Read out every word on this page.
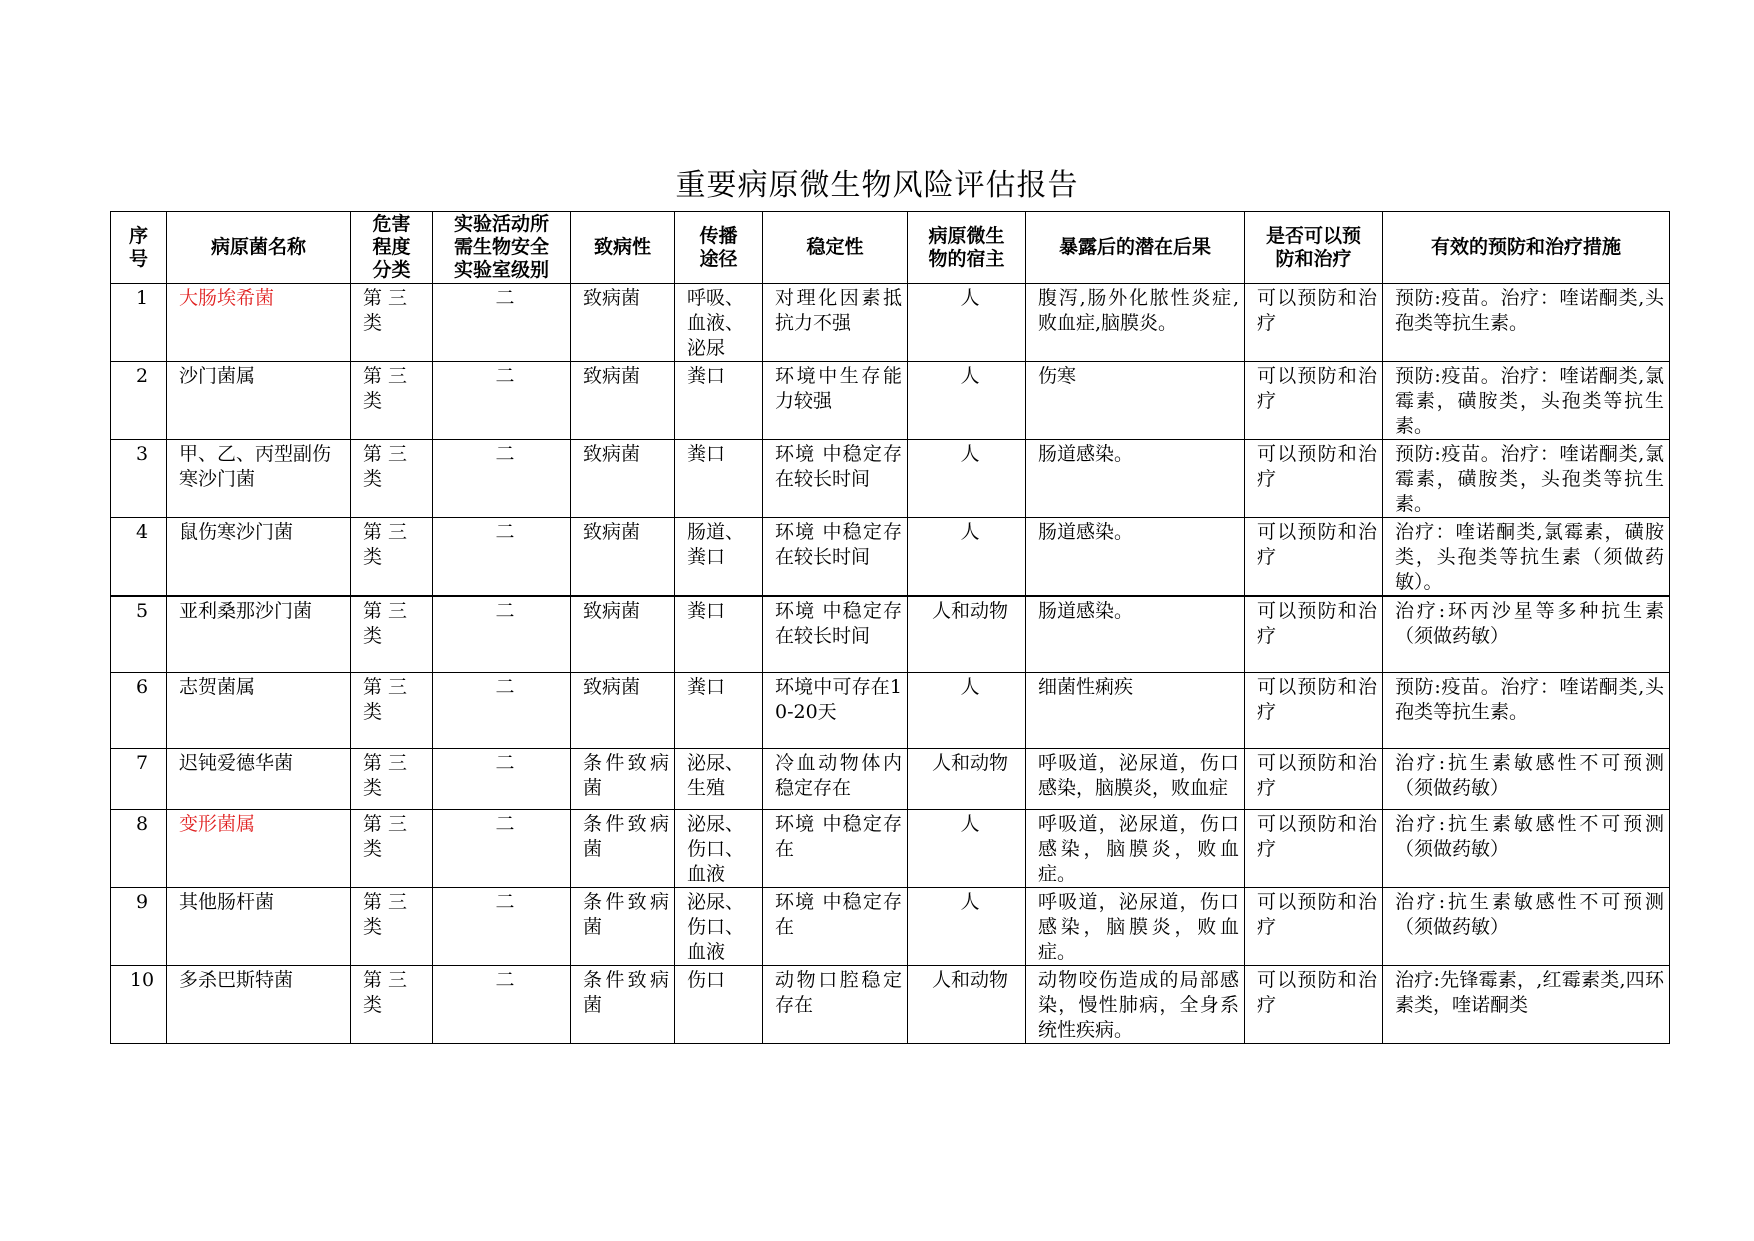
重要病原微生物风险评估报告
序
号	病原菌名称	危害
程度
分类	实验活动所
需生物安全
实验室级别	致病性	传播
途径	稳定性	病原微生
物的宿主	暴露后的潜在后果	是否可以预
防和治疗	有效的预防和治疗措施
1	大肠埃希菌	第 三
类	二	致病菌	呼吸、
血液、
泌尿	对理化因素抵抗力不强	人	腹泻,肠外化脓性炎症,败血症,脑膜炎。	可以预防和治疗	预防:疫苗。治疗：喹诺酮类,头孢类等抗生素。
2	沙门菌属	第 三
类	二	致病菌	粪口	环境中生存能力较强	人	伤寒	可以预防和治疗	预防:疫苗。治疗：喹诺酮类,氯霉素，磺胺类，头孢类等抗生素。
3	甲、乙、丙型副伤寒沙门菌	第 三
类	二	致病菌	粪口	环境 中稳定存在较长时间	人	肠道感染。	可以预防和治疗	预防:疫苗。治疗：喹诺酮类,氯霉素，磺胺类，头孢类等抗生素。
4	鼠伤寒沙门菌	第 三
类	二	致病菌	肠道、
粪口	环境 中稳定存在较长时间	人	肠道感染。	可以预防和治疗	治疗：喹诺酮类,氯霉素，磺胺类，头孢类等抗生素（须做药敏）。
5	亚利桑那沙门菌	第 三
类	二	致病菌	粪口	环境 中稳定存在较长时间	人和动物	肠道感染。	可以预防和治疗	治疗:环丙沙星等多种抗生素（须做药敏）
6	志贺菌属	第 三
类	二	致病菌	粪口	环境中可存在10-20天	人	细菌性痢疾	可以预防和治疗	预防:疫苗。治疗：喹诺酮类,头孢类等抗生素。
7	迟钝爱德华菌	第 三
类	二	条件致病菌	泌尿、
生殖	冷血动物体内稳定存在	人和动物	呼吸道，泌尿道，伤口感染，脑膜炎，败血症	可以预防和治疗	治疗:抗生素敏感性不可预测（须做药敏）
8	变形菌属	第 三
类	二	条件致病菌	泌尿、
伤口、
血液	环境 中稳定存在	人	呼吸道，泌尿道，伤口感染，脑膜炎，败血症。	可以预防和治疗	治疗:抗生素敏感性不可预测（须做药敏）
9	其他肠杆菌	第 三
类	二	条件致病菌	泌尿、
伤口、
血液	环境 中稳定存在	人	呼吸道，泌尿道，伤口感染，脑膜炎，败血症。	可以预防和治疗	治疗:抗生素敏感性不可预测（须做药敏）
10	多杀巴斯特菌	第 三
类	二	条件致病菌	伤口	动物口腔稳定存在	人和动物	动物咬伤造成的局部感染，慢性肺病，全身系统性疾病。	可以预防和治疗	治疗:先锋霉素，,红霉素类,四环素类，喹诺酮类
